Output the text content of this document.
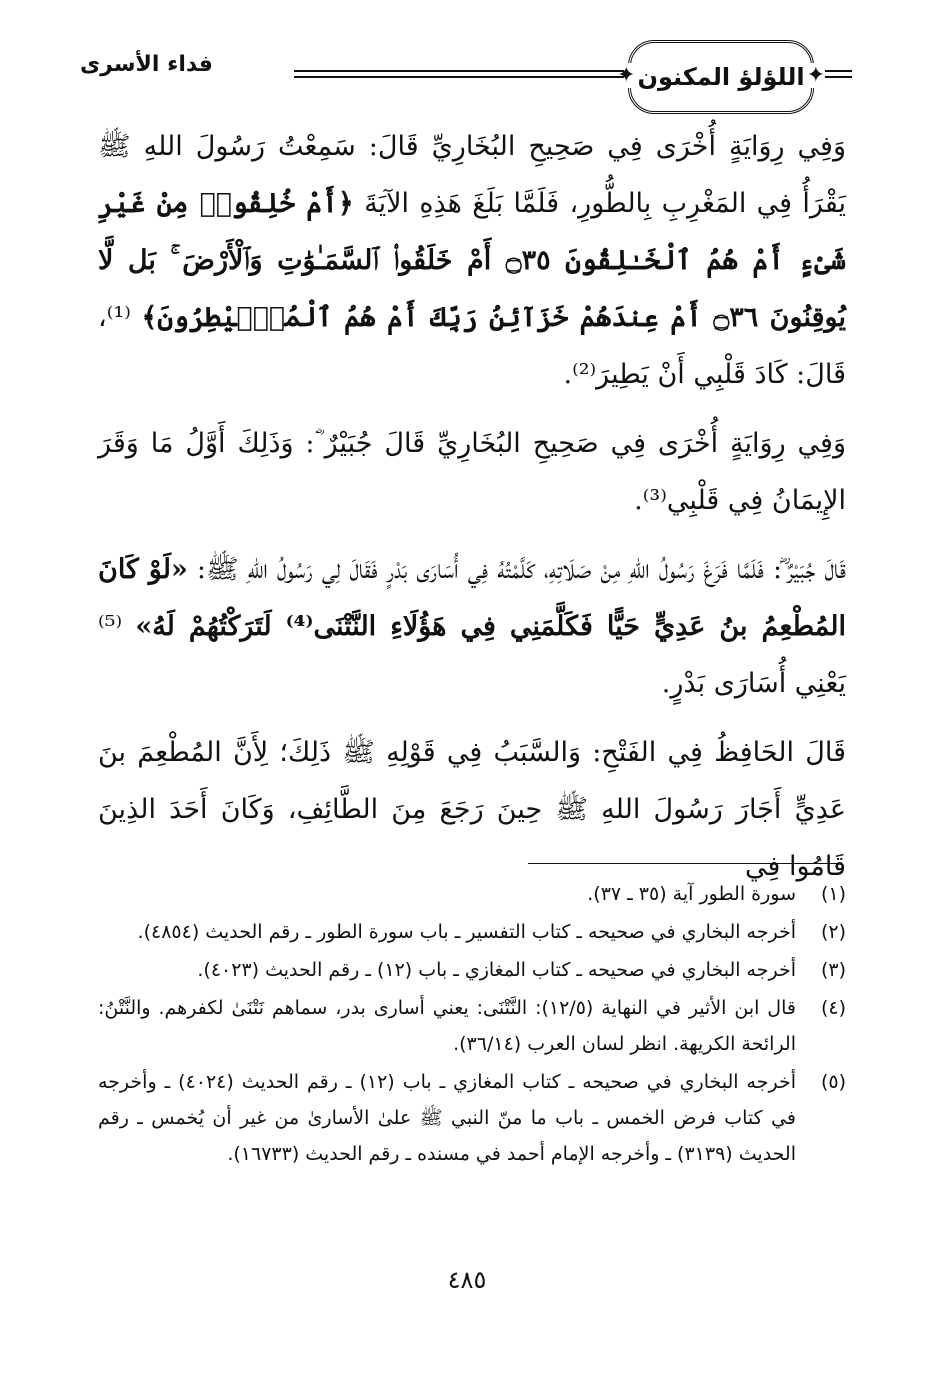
✦ اللؤلؤ المكنون
✦
فداء الأسرى

وَفِي رِوَايَةٍ أُخْرَى فِي صَحِيحِ البُخَارِيِّ قَالَ: سَمِعْتُ رَسُولَ اللهِ ﷺ يَقْرَأُ فِي المَغْرِبِ بِالطُّورِ، فَلَمَّا بَلَغَ هَذِهِ الآيَةَ ﴿أَمْ خُلِقُوا۟ مِنْ غَيْرِ شَىْءٍ أَمْ هُمُ ٱلْخَـٰلِقُونَ ۝٣٥ أَمْ خَلَقُوا۟ ٱلسَّمَـٰوَٰتِ وَٱلْأَرْضَ ۚ بَل لَّا يُوقِنُونَ ۝٣٦ أَمْ عِندَهُمْ خَزَآئِنُ رَبِّكَ أَمْ هُمُ ٱلْمُصَۣيْطِرُونَ﴾ ⁽¹⁾، قَالَ: كَادَ قَلْبِي أَنْ يَطِيرَ⁽²⁾.

وَفِي رِوَايَةٍ أُخْرَى فِي صَحِيحِ البُخَارِيِّ قَالَ جُبَيْرٌ ؓ: وَذَلِكَ أَوَّلُ مَا وَقَرَ الإِيمَانُ فِي قَلْبِي⁽³⁾.

قَالَ جُبَيْرٌ ؓ: فَلَمَّا فَرَغَ رَسُولُ اللهِ مِنْ صَلَاتِهِ، كَلَّمْتُهُ فِي أُسَارَى بَدْرٍ فَقَالَ لِي رَسُولُ اللهِ ﷺ: «لَوْ كَانَ المُطْعِمُ بنُ عَدِيٍّ حَيًّا فَكَلَّمَنِي فِي هَؤُلَاءِ النَّتْنَى⁽⁴⁾ لَتَرَكْتُهُمْ لَهُ» ⁽⁵⁾ يَعْنِي أُسَارَى بَدْرٍ.

قَالَ الحَافِظُ فِي الفَتْحِ: وَالسَّبَبُ فِي قَوْلِهِ ﷺ ذَلِكَ؛ لِأَنَّ المُطْعِمَ بنَ عَدِيٍّ أَجَارَ رَسُولَ اللهِ ﷺ حِينَ رَجَعَ مِنَ الطَّائِفِ، وَكَانَ أَحَدَ الذِينَ قَامُوا فِي

(١)
سورة الطور آية (٣٥ ـ ٣٧).
(٢)
أخرجه البخاري في صحيحه ـ كتاب التفسير ـ باب سورة الطور ـ رقم الحديث (٤٨٥٤).
(٣)
أخرجه البخاري في صحيحه ـ كتاب المغازي ـ باب (١٢) ـ رقم الحديث (٤٠٢٣).
(٤)
قال ابن الأثير في النهاية (١٢/٥): النَّتْنَى: يعني أسارى بدر، سماهم نَتْنَىٰ لكفرهم. والنَّتْنُ: الرائحة الكريهة. انظر لسان العرب (٣٦/١٤).
(٥)
أخرجه البخاري في صحيحه ـ كتاب المغازي ـ باب (١٢) ـ رقم الحديث (٤٠٢٤) ـ وأخرجه في كتاب فرض الخمس ـ باب ما منّ النبي ﷺ علىٰ الأسارىٰ من غير أن يُخمس ـ رقم الحديث (٣١٣٩) ـ وأخرجه الإمام أحمد في مسنده ـ رقم الحديث (١٦٧٣٣).
٤٨٥
